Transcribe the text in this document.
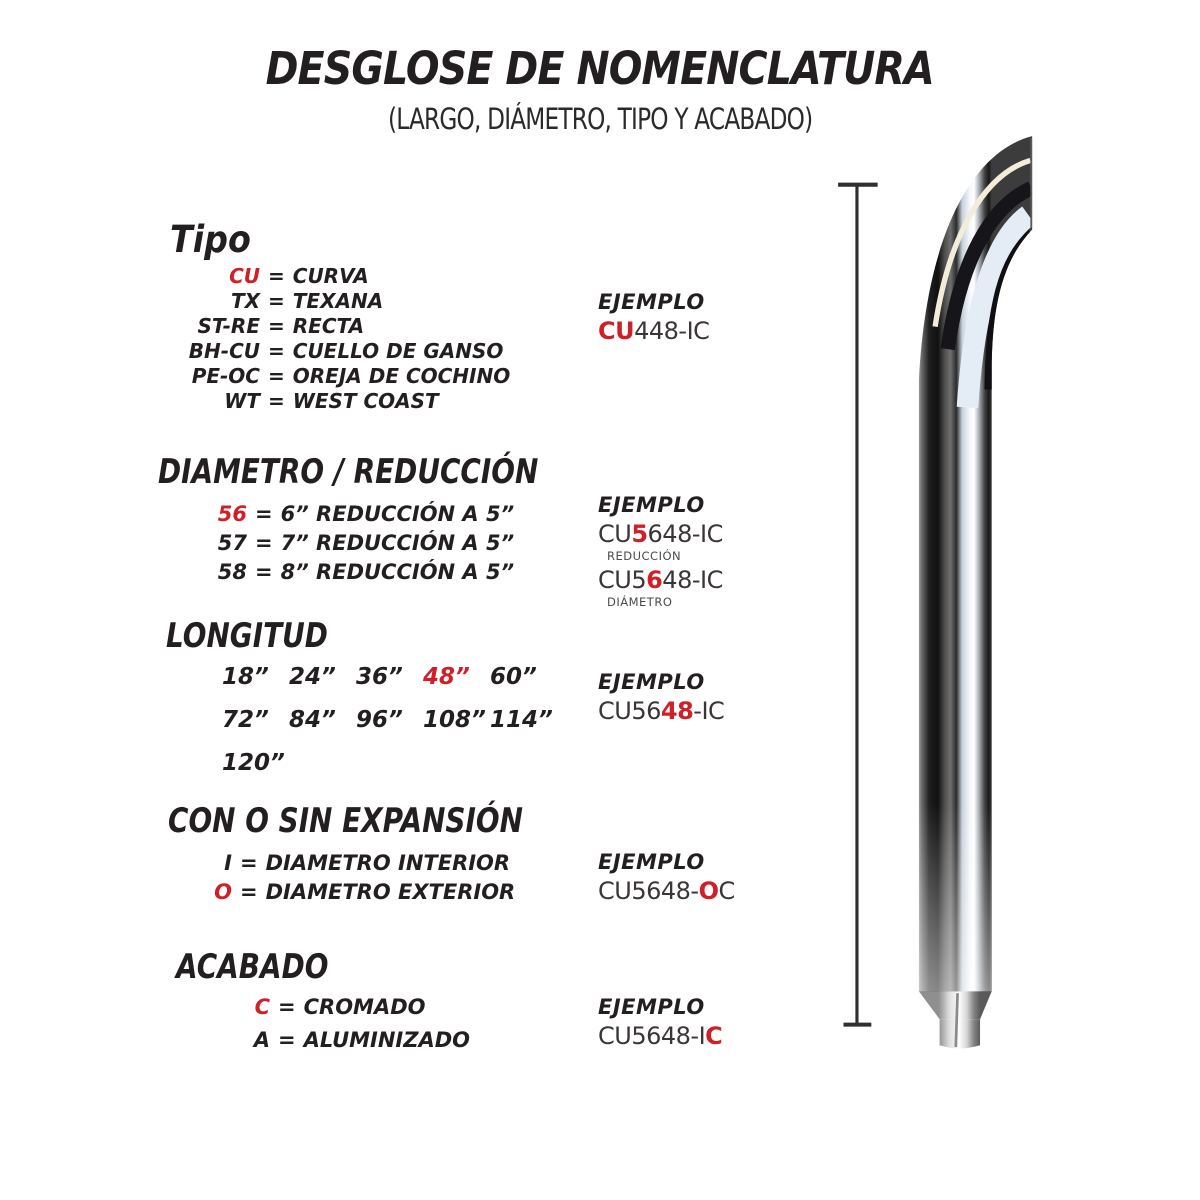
DESGLOSE DE NOMENCLATURA
(LARGO, DIÁMETRO, TIPO Y ACABADO)
Tipo
CU = CURVA
TX = TEXANA
ST-RE = RECTA
BH-CU = CUELLO DE GANSO
PE-OC = OREJA DE COCHINO
WT = WEST COAST
EJEMPLO
CU448-IC
DIAMETRO / REDUCCIÓN
56 = 6” REDUCCIÓN A 5”
57 = 7” REDUCCIÓN A 5”
58 = 8” REDUCCIÓN A 5”
EJEMPLO
CU5648-IC
REDUCCIÓN
CU5648-IC
DIÁMETRO
LONGITUD
18” 24” 36” 48” 60”
72” 84” 96” 108” 114”
120”
EJEMPLO
CU5648-IC
CON O SIN EXPANSIÓN
I = DIAMETRO INTERIOR
O = DIAMETRO EXTERIOR
EJEMPLO
CU5648-OC
ACABADO
C = CROMADO
A = ALUMINIZADO
EJEMPLO
CU5648-IC
